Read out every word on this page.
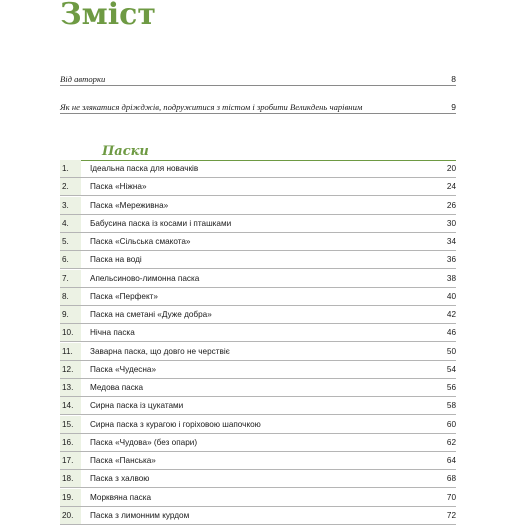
Зміст
Від авторки	8
Як не злякатися дріжджів, подружитися з тістом і зробити Великдень чарівним	9
Паски
1.	Ідеальна паска для новачків	20
2.	Паска «Ніжна»	24
3.	Паска «Мереживна»	26
4.	Бабусина паска із косами і пташками	30
5.	Паска «Сільська смакота»	34
6.	Паска на воді	36
7.	Апельсиново-лимонна паска	38
8.	Паска «Перфект»	40
9.	Паска на сметані «Дуже добра»	42
10.	Нічна паска	46
11.	Заварна паска, що довго не черствіє	50
12.	Паска «Чудесна»	54
13.	Медова паска	56
14.	Сирна паска із цукатами	58
15.	Сирна паска з курагою і горіховою шапочкою	60
16.	Паска «Чудова» (без опари)	62
17.	Паска «Панська»	64
18.	Паска з халвою	68
19.	Морквяна паска	70
20.	Паска з лимонним курдом	72
